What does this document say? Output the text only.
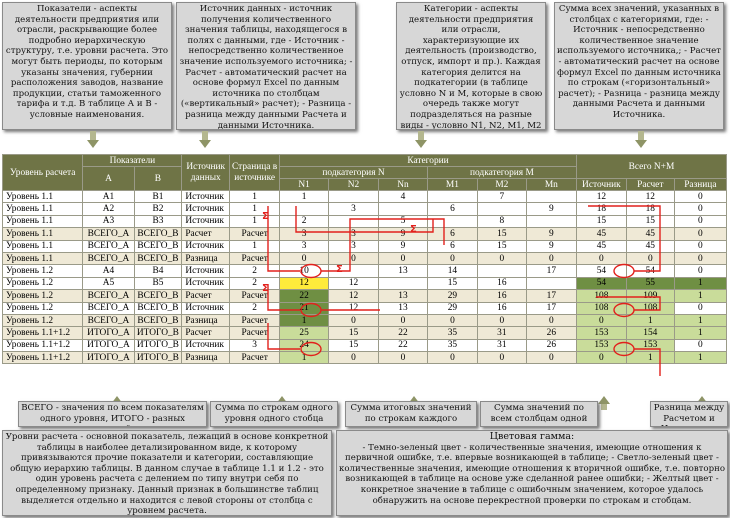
Показатели - аспекты деятельности предприятия или отрасли, раскрывающие более подробно иерархическую структуру, т.е. уровни расчета. Это могут быть периоды, по которым указаны значения, губернии расположения заводов, название продукции, статьи таможенного тарифа и т.д. В таблице А и В - условные наименования.
Источник данных - источник получения количественного значения таблицы, находящегося в полях с данными, где - Источник - непосредственно количественное значение используемого источника; - Расчет - автоматический расчет на основе формул Excel по данным источника по столбцам («вертикальный» расчет); - Разница - разница между данными Расчета и данными Источника.
Категории - аспекты деятельности предприятия или отрасли, характеризующие их деятельность (производство, отпуск, импорт и пр.). Каждая категория делится на подкатегории (в таблице условно N и M, которые в свою очередь также могут подразделяться на разные виды - условно N1, N2, M1, M2
Сумма всех значений, указанных в столбцах с категориями, где: - Источник - непосредственно количественное значение используемого источника,; - Расчет - автоматический расчет на основе формул Excel по данным источника по строкам («горизонтальный» расчет); - Разница - разница между данными Расчета и данными Источника.
Уровень расчета	Показатели		Источник данных	Страница в источнике	Категории						Всего N+M		
	А	В			подкатегория N			подкатегория M					
					N1	N2	Nn	M1	M2	Mn	Источник	Расчет	Разница
Уровень 1.1	А1	В1	Источник	1	1		4		7		12	12	0
Уровень 1.1	А2	В2	Источник	1		3		6		9	18	18	0
Уровень 1.1	А3	В3	Источник	1	2		5		8		15	15	0
Уровень 1.1	ВСЕГО_А	ВСЕГО_В	Расчет	Расчет	3	3	9	6	15	9	45	45	0
Уровень 1.1	ВСЕГО_А	ВСЕГО_В	Источник	1	3	3	9	6	15	9	45	45	0
Уровень 1.1	ВСЕГО_А	ВСЕГО_В	Разница	Расчет	0	0	0	0	0	0	0	0	0
Уровень 1.2	А4	В4	Источник	2	10		13	14		17	54	54	0
Уровень 1.2	А5	В5	Источник	2	12	12		15	16		54	55	1
Уровень 1.2	ВСЕГО_А	ВСЕГО_В	Расчет	Расчет	22	12	13	29	16	17	108	109	1
Уровень 1.2	ВСЕГО_А	ВСЕГО_В	Источник	2	21	12	13	29	16	17	108	108	0
Уровень 1.2	ВСЕГО_А	ВСЕГО_В	Разница	Расчет	1	0	0	0	0	0	0	1	1
Уровень 1.1+1.2	ИТОГО_А	ИТОГО_В	Расчет	Расчет	25	15	22	35	31	26	153	154	1
Уровень 1.1+1.2	ИТОГО_А	ИТОГО_В	Источник	3	24	15	22	35	31	26	153	153	0
Уровень 1.1+1.2	ИТОГО_А	ИТОГО_В	Разница	Расчет	1	0	0	0	0	0	0	1	1
Σ
Σ
Σ
Σ
ВСЕГО - значения по всем показателям одного уровня, ИТОГО - разных
Сумма по строкам одного уровня одного стобца
Сумма итоговых значений по строкам каждого
Сумма значений по всем столбцам одной
Разница между Расчетом и
Уровни расчета - основной показатель, лежащий в основе конкретной таблицы в наиболее детализированном виде, к которому привязываются прочие показатели и категории, составляющие общую иерархию таблицы. В данном случае в таблице 1.1 и 1.2 - это один уровень расчета с делением по типу внутри себя по определенному признаку. Данный признак в большинстве таблиц выделяется отдельно и находится с левой стороны от столбца с уровнем расчета.
Цветовая гамма:
- Темно-зеленый цвет - количественные значения, имеющие отношения к первичной ошибке, т.е. впервые возникающей в таблице; - Светло-зеленый цвет - количественные значения, имеющие отношения к вторичной ошибке, т.е. повторно возникающей в таблице на основе уже сделанной ранее ошибки; - Желтый цвет - конкретное значение в таблице с ошибочным значением, которое удалось обнаружить на основе перекрестной проверки по строкам и стобцам.
